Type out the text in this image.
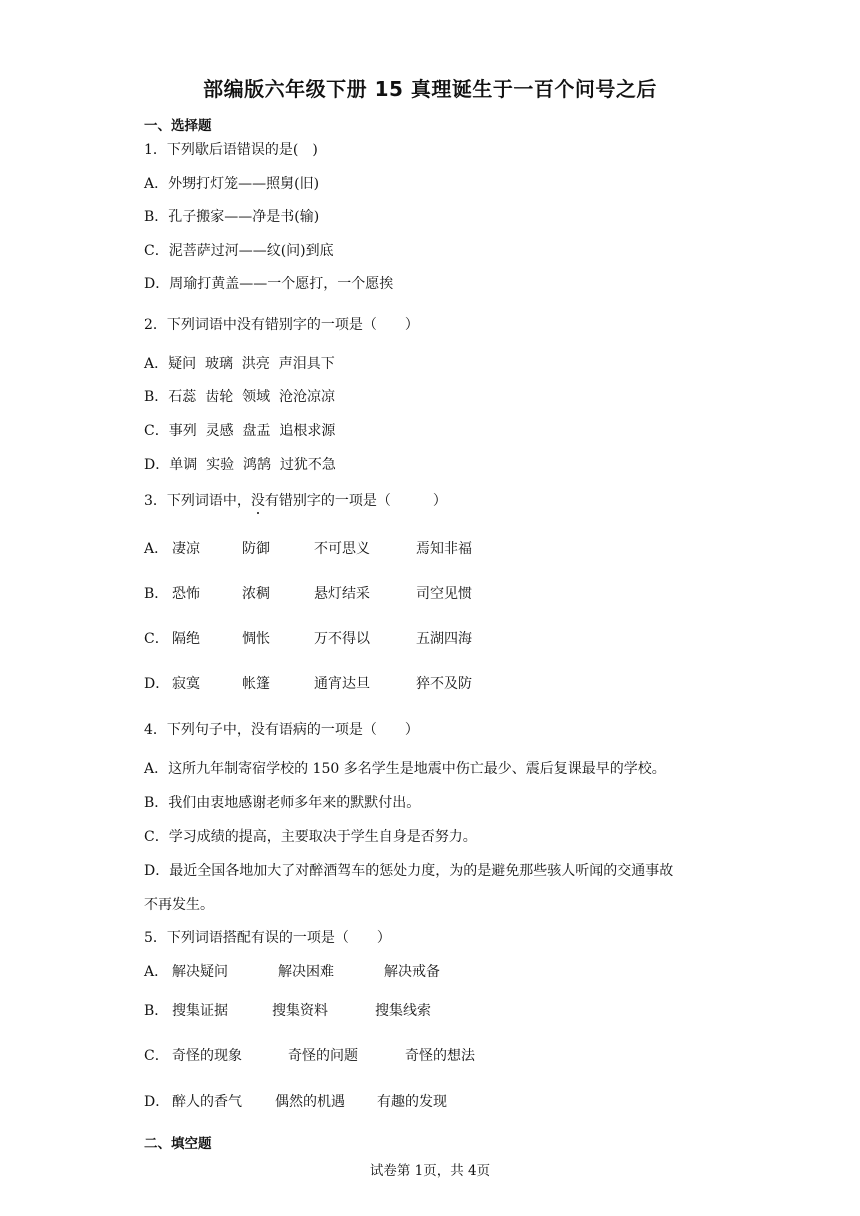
部编版六年级下册 15 真理诞生于一百个问号之后
一、选择题
1．下列歇后语错误的是(　)
A．外甥打灯笼——照舅(旧)
B．孔子搬家——净是书(输)
C．泥菩萨过河——纹(问)到底
D．周瑜打黄盖——一个愿打，一个愿挨
2．下列词语中没有错别字的一项是（　　）
A．疑问  玻璃  洪亮  声泪具下
B．石蕊  齿轮  领域  沧沧凉凉
C．事列  灵感  盘盂  追根求源
D．单调  实验  鸿鹄  过犹不急
3．下列词语中，没有错别字的一项是（　　　）
A． 凄凉	防御	不可思义	焉知非福
B． 恐怖	浓稠	悬灯结采	司空见惯
C． 隔绝	惆怅	万不得以	五湖四海
D． 寂寞	帐篷	通宵达旦	猝不及防
4．下列句子中，没有语病的一项是（　　）
A．这所九年制寄宿学校的 150 多名学生是地震中伤亡最少、震后复课最早的学校。
B．我们由衷地感谢老师多年来的默默付出。
C．学习成绩的提高，主要取决于学生自身是否努力。
D．最近全国各地加大了对醉酒驾车的惩处力度，为的是避免那些骇人听闻的交通事故
不再发生。
5．下列词语搭配有误的一项是（　　）
A． 解决疑问	解决困难	解决戒备
B． 搜集证据	搜集资料	搜集线索
C． 奇怪的现象	奇怪的问题	奇怪的想法
D． 醉人的香气 偶然的机遇 有趣的发现
二、填空题
试卷第 1页，共 4页
